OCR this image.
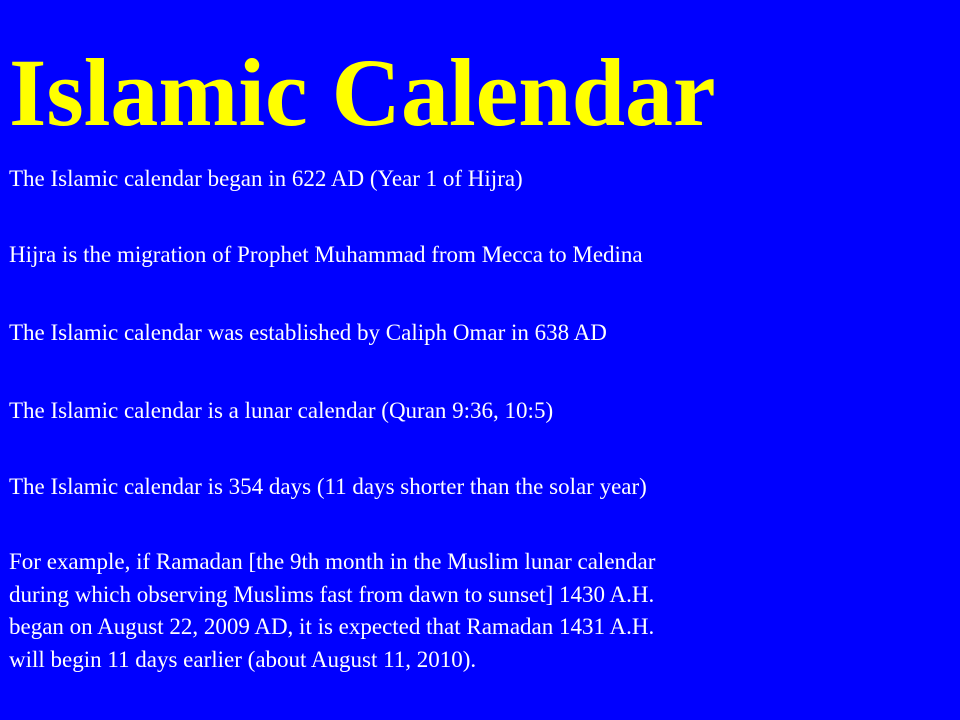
Islamic Calendar
The Islamic calendar began in 622 AD (Year 1 of Hijra)
Hijra is the migration of Prophet Muhammad from Mecca to Medina
The Islamic calendar was established by Caliph Omar in 638 AD
The Islamic calendar is a lunar calendar (Quran 9:36, 10:5)
The Islamic calendar is 354 days (11 days shorter than the solar year)
For example, if Ramadan [the 9th month in the Muslim lunar calendar
during which observing Muslims fast from dawn to sunset] 1430 A.H.
began on August 22, 2009 AD, it is expected that Ramadan 1431 A.H.
will begin 11 days earlier (about August 11, 2010).
